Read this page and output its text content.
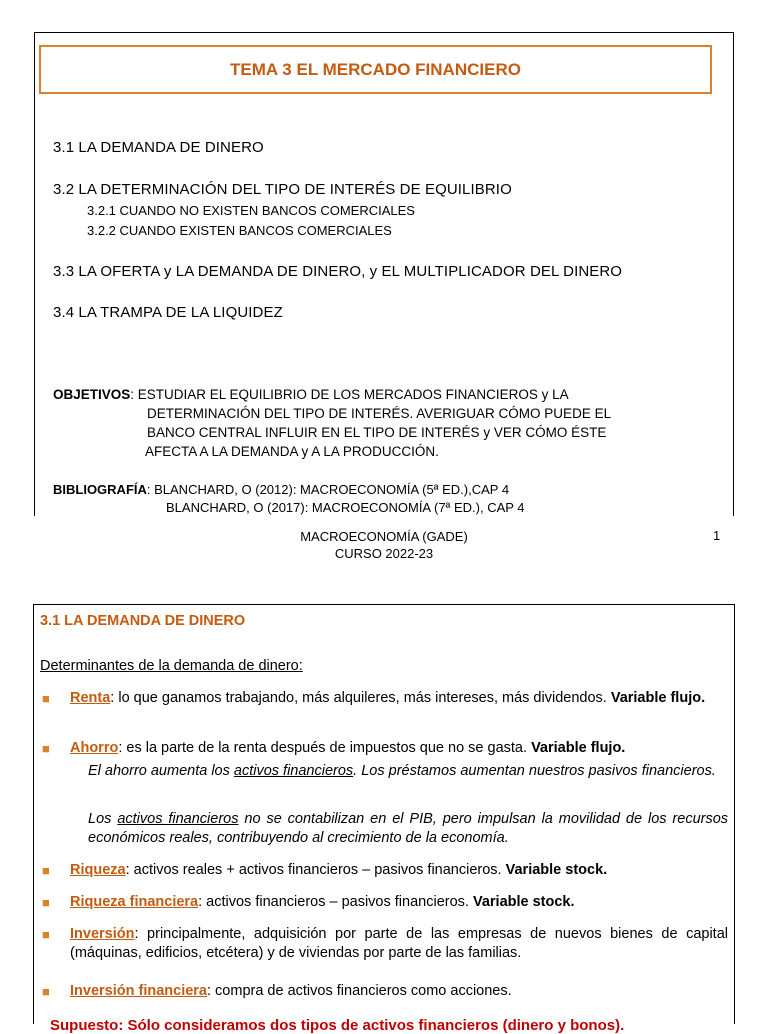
TEMA 3 EL MERCADO FINANCIERO
3.1 LA DEMANDA DE DINERO
3.2 LA DETERMINACIÓN DEL TIPO DE INTERÉS DE EQUILIBRIO
3.2.1 CUANDO NO EXISTEN BANCOS COMERCIALES
3.2.2 CUANDO EXISTEN BANCOS COMERCIALES
3.3 LA OFERTA y LA DEMANDA DE DINERO, y EL MULTIPLICADOR DEL DINERO
3.4 LA TRAMPA DE LA LIQUIDEZ
OBJETIVOS: ESTUDIAR EL EQUILIBRIO DE LOS MERCADOS FINANCIEROS y LA
DETERMINACIÓN DEL TIPO DE INTERÉS. AVERIGUAR CÓMO PUEDE EL
BANCO CENTRAL INFLUIR EN EL TIPO DE INTERÉS y VER CÓMO ÉSTE
AFECTA A LA DEMANDA y A LA PRODUCCIÓN.
BIBLIOGRAFÍA: BLANCHARD, O (2012): MACROECONOMÍA (5ª ED.),CAP 4
BLANCHARD, O (2017): MACROECONOMÍA (7ª ED.), CAP 4
MACROECONOMÍA (GADE)
CURSO 2022-23
1
3.1 LA DEMANDA DE DINERO
Determinantes de la demanda de dinero:
■ Renta: lo que ganamos trabajando, más alquileres, más intereses, más dividendos. Variable flujo.
■ Ahorro: es la parte de la renta después de impuestos que no se gasta. Variable flujo.
El ahorro aumenta los activos financieros. Los préstamos aumentan nuestros pasivos financieros.
Los activos financieros no se contabilizan en el PIB, pero impulsan la movilidad de los recursos económicos reales, contribuyendo al crecimiento de la economía.
■ Riqueza: activos reales + activos financieros – pasivos financieros. Variable stock.
■ Riqueza financiera: activos financieros – pasivos financieros. Variable stock.
■ Inversión: principalmente, adquisición por parte de las empresas de nuevos bienes de capital (máquinas, edificios, etcétera) y de viviendas por parte de las familias.
■ Inversión financiera: compra de activos financieros como acciones.
Supuesto: Sólo consideramos dos tipos de activos financieros (dinero y bonos).
